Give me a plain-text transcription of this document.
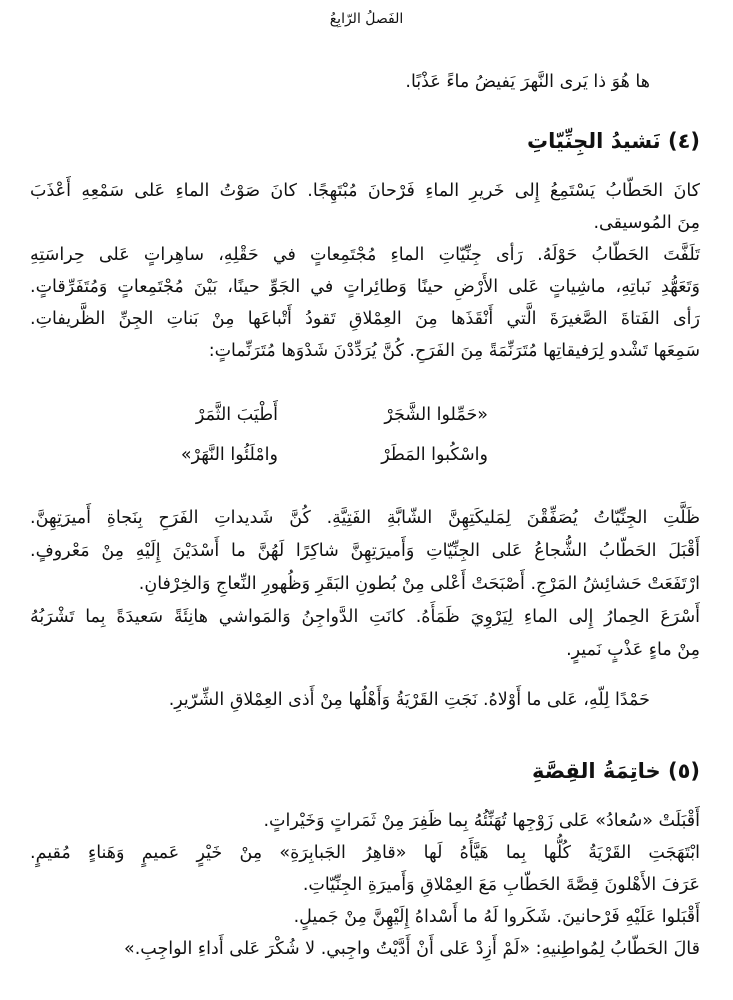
الفَصلُ الرّابِعُ
ها هُوَ ذا يَرى النَّهرَ يَفيضُ ماءً عَذْبًا.
(٤) نَشيدُ الجِنِّيّاتِ
كانَ الحَطّابُ يَسْتَمِعُ إِلى خَريرِ الماءِ فَرْحانَ مُبْتَهِجًا. كانَ صَوْتُ الماءِ عَلى سَمْعِهِ أَعْذَبَ
مِنَ المُوسيقى.
تَلَفَّتَ الحَطّابُ حَوْلَهُ. رَأى جِنِّيّاتِ الماءِ مُجْتَمِعاتٍ في حَقْلِهِ، ساهِراتٍ عَلى حِراسَتِهِ
وَتَعَهُّدِ نَباتِهِ، ماشِياتٍ عَلى الأَرْضِ حينًا وَطائِراتٍ في الجَوِّ حينًا، بَيْنَ مُجْتَمِعاتٍ وَمُتَفَرِّقاتٍ.
رَأى الفَتاةَ الصَّغيرَةَ الَّتي أَنْقَذَها مِنَ العِمْلاقِ تَقودُ أَتْباعَها مِنْ بَناتِ الجِنِّ الظَّريفاتِ.
سَمِعَها تَشْدو لِرَفيقاتِها مُتَرَنِّمَةً مِنَ الفَرَحِ. كُنَّ يُرَدِّدْنَ شَدْوَها مُتَرَنِّماتٍ:
«حَمِّلوا الشَّجَرْ
أَطْيَبَ الثَّمَرْ
واسْكُبوا المَطَرْ
وامْلَئُوا النَّهَرْ»
ظَلَّتِ الجِنِّيّاتُ يُصَفِّقْنَ لِمَليكَتِهِنَّ الشّابَّةِ الفَتِيَّةِ. كُنَّ شَديداتِ الفَرَحِ بِنَجاةِ أَميرَتِهِنَّ.
أَقْبَلَ الحَطّابُ الشُّجاعُ عَلى الجِنِّيّاتِ وَأَميرَتِهِنَّ شاكِرًا لَهُنَّ ما أَسْدَيْنَ إِلَيْهِ مِنْ مَعْروفٍ.
ارْتَفَعَتْ حَشائِشُ المَرْجِ. أَصْبَحَتْ أَعْلى مِنْ بُطونِ البَقَرِ وَظُهورِ النِّعاجِ وَالخِرْفانِ.
أَسْرَعَ الحِمارُ إِلى الماءِ لِيَرْوِيَ ظَمَأَهُ. كانَتِ الدَّواجِنُ وَالمَواشي هانِئَةً سَعيدَةً بِما تَشْرَبُهُ
مِنْ ماءٍ عَذْبٍ نَميرٍ.
حَمْدًا لِلّهِ، عَلى ما أَوْلاهُ. نَجَتِ القَرْيَةُ وَأَهْلُها مِنْ أَذى العِمْلاقِ الشِّرّيرِ.
(٥) خاتِمَةُ القِصَّةِ
أَقْبَلَتْ «سُعادُ» عَلى زَوْجِها تُهَنِّئُهُ بِما ظَفِرَ مِنْ ثَمَراتٍ وَخَيْراتٍ.
ابْتَهَجَتِ القَرْيَةُ كُلُّها بِما هَيَّأَهُ لَها «قاهِرُ الجَبابِرَةِ» مِنْ خَيْرٍ عَميمٍ وَهَناءٍ مُقيمٍ.
عَرَفَ الأَهْلونَ قِصَّةَ الحَطّابِ مَعَ العِمْلاقِ وَأَميرَةِ الجِنِّيّاتِ.
أَقْبَلوا عَلَيْهِ فَرْحانينَ. شَكَروا لَهُ ما أَسْداهُ إِلَيْهِنَّ مِنْ جَميلٍ.
قالَ الحَطّابُ لِمُواطِنيهِ: «لَمْ أَزِدْ عَلى أَنْ أَدَّيْتُ واجِبي. لا شُكْرَ عَلى أَداءِ الواجِبِ.»
